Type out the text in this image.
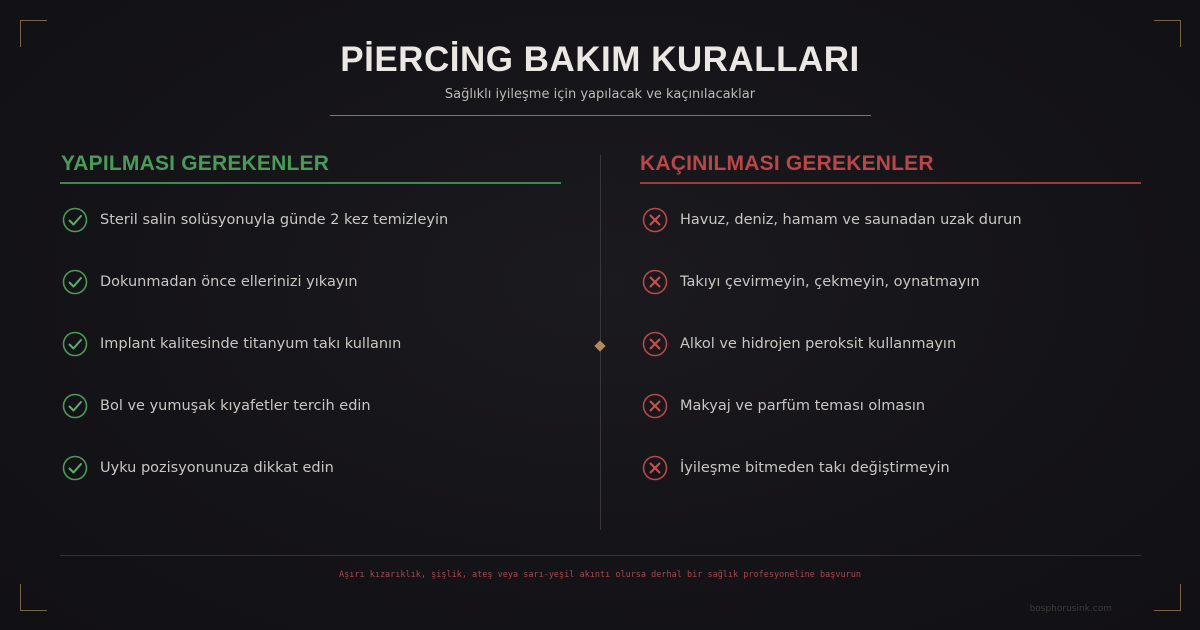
PİERCİNG BAKIM KURALLARI
Sağlıklı iyileşme için yapılacak ve kaçınılacaklar
YAPILMASI GEREKENLER	KAÇINILMASI GEREKENLER
Steril salin solüsyonuyla günde 2 kez temizleyin
Dokunmadan önce ellerinizi yıkayın
Implant kalitesinde titanyum takı kullanın
Bol ve yumuşak kıyafetler tercih edin
Uyku pozisyonunuza dikkat edin
Havuz, deniz, hamam ve saunadan uzak durun
Takıyı çevirmeyin, çekmeyin, oynatmayın
Alkol ve hidrojen peroksit kullanmayın
Makyaj ve parfüm teması olmasın
İyileşme bitmeden takı değiştirmeyin
Aşırı kızarıklık, şişlik, ateş veya sarı-yeşil akıntı olursa derhal bir sağlık profesyoneline başvurun
bosphorusink.com
